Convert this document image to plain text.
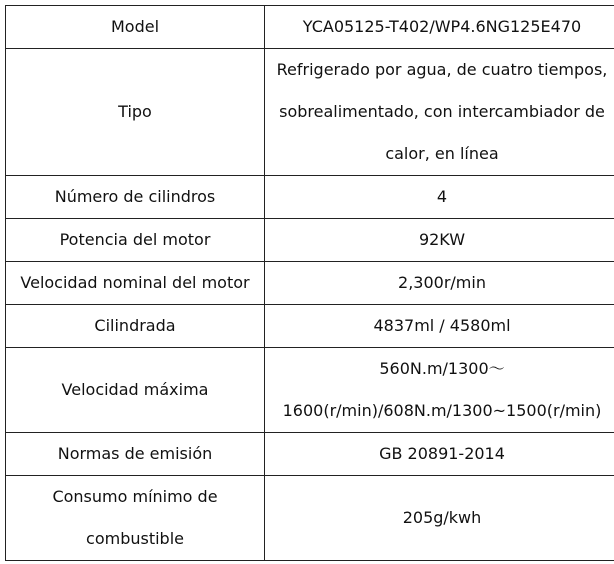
Model	YCA05125-T402/WP4.6NG125E470

Tipo	Refrigerado por agua, de cuatro tiempos,
sobrealimentado, con intercambiador de
calor, en línea

Número de cilindros	4

Potencia del motor	92KW

Velocidad nominal del motor	2,300r/min

Cilindrada	4837ml / 4580ml

Velocidad máxima	560N.m/1300～
1600(r/min)/608N.m/1300~1500(r/min)

Normas de emisión	GB 20891-2014

Consumo mínimo de
combustible	205g/kwh
